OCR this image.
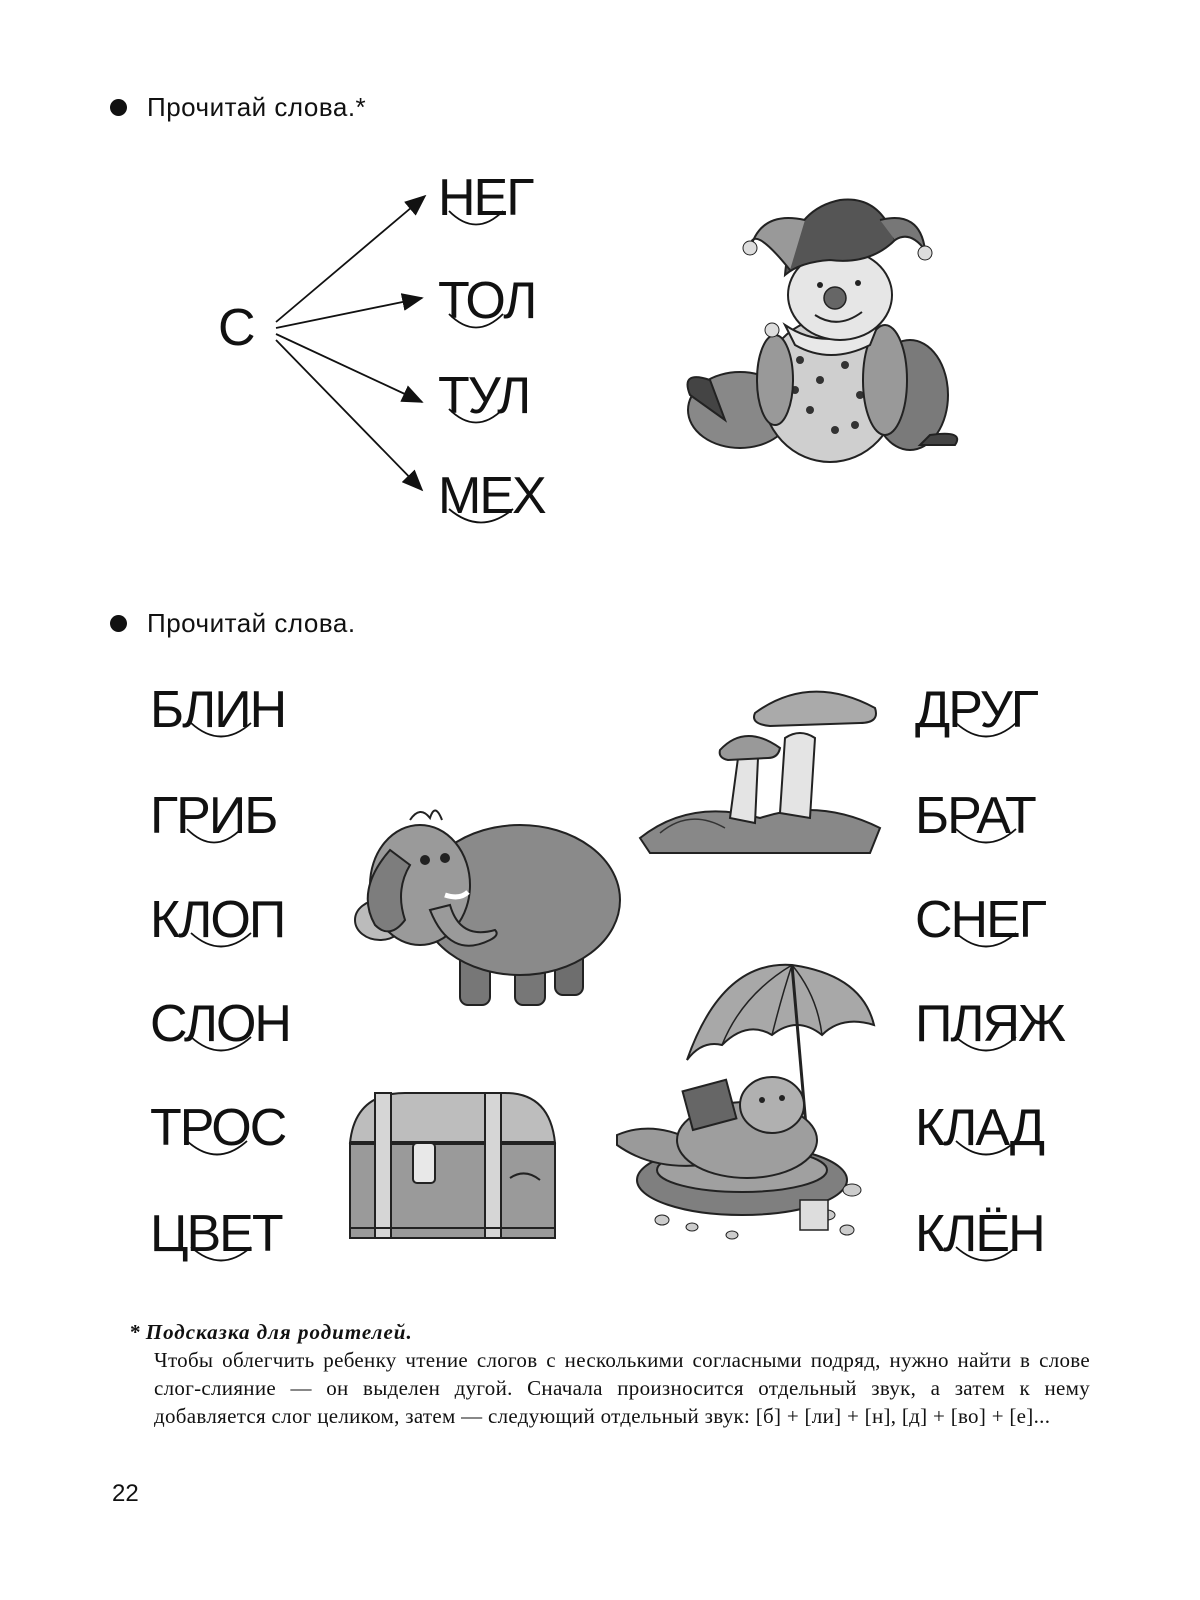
Прочитай слова.*
С
НЕГ
ТОЛ
ТУЛ
МЕХ
Прочитай слова.
БЛИН
ГРИБ
КЛОП
СЛОН
ТРОС
ЦВЕТ
ДРУГ
БРАТ
СНЕГ
ПЛЯЖ
КЛАД
КЛЁН
* Подсказка для родителей.
Чтобы облегчить ребенку чтение слогов с несколькими согласными подряд, нужно найти в слове слог-слияние — он выделен дугой. Сначала произносится отдельный звук, а затем к нему добавляется слог целиком, затем — следующий отдельный звук: [б] + [ли] + [н], [д] + [во] + [е]...
22
